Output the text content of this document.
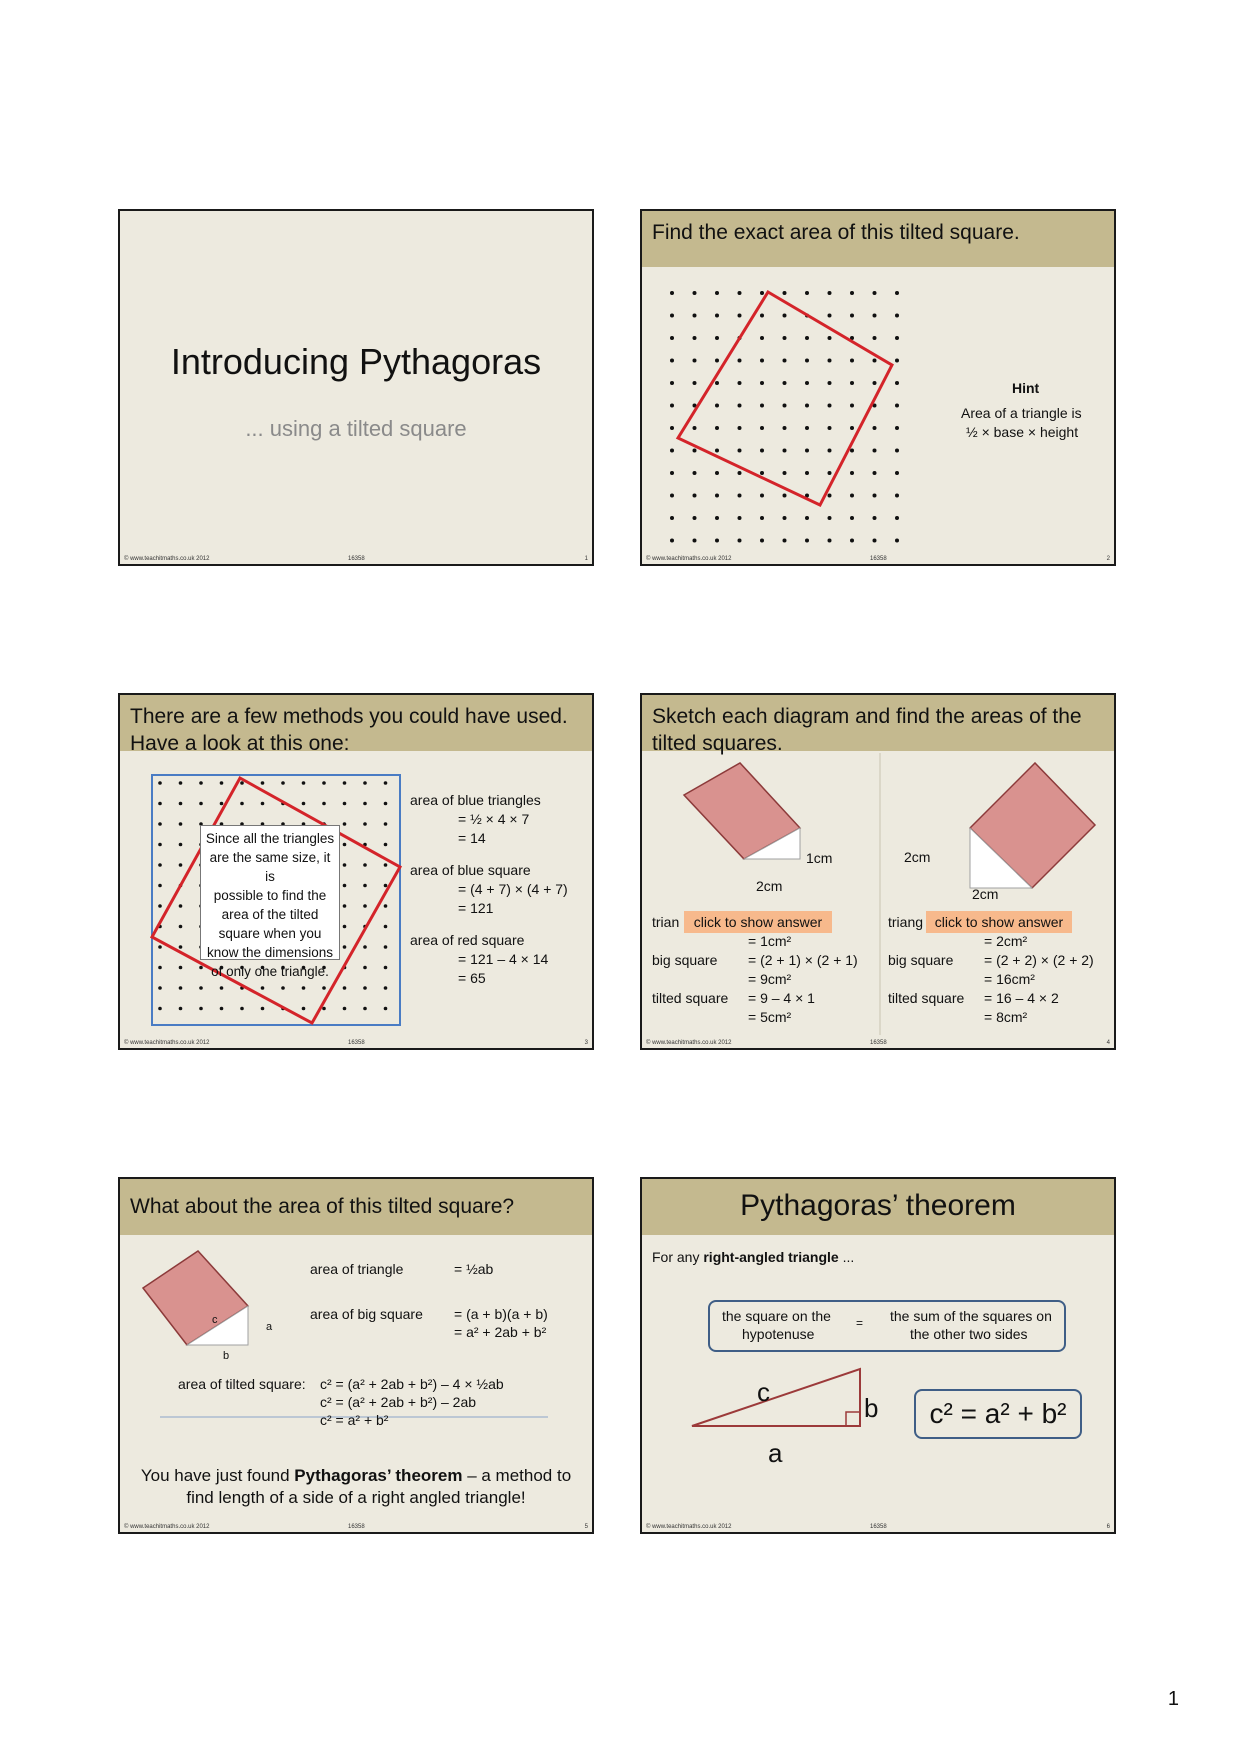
Introducing Pythagoras
... using a tilted square
© www.teachitmaths.co.uk 2012	16358	1
Find the exact area of this tilted square.
Hint
Area of a triangle is
½ × base × height
© www.teachitmaths.co.uk 2012	16358	2
There are a few methods you could have used.
Have a look at this one:
Since all the triangles
are the same size, it is
possible to find the
area of the tilted
square when you
know the dimensions
of only one triangle.
area of blue triangles
= ½ × 4 × 7
= 14
area of blue square
= (4 + 7) × (4 + 7)
= 121
area of red square
= 121 – 4 × 14
= 65
© www.teachitmaths.co.uk 2012	16358	3
Sketch each diagram and find the areas of the
tilted squares.
1cm
2cm
2cm
2cm
trian	click to show answer
= 1cm²
big square = (2 + 1) × (2 + 1)
= 9cm²
tilted square = 9 – 4 × 1
= 5cm²
triang click to show answer
= 2cm²
big square = (2 + 2) × (2 + 2)
= 16cm²
tilted square = 16 – 4 × 2
= 8cm²
© www.teachitmaths.co.uk 2012	16358	4
What about the area of this tilted square?
c
a
b
area of triangle	= ½ab
area of big square = (a + b)(a + b)
= a² + 2ab + b²
area of tilted square: c² = (a² + 2ab + b²) – 4 × ½ab
c² = (a² + 2ab + b²) – 2ab
c² = a² + b²
You have just found Pythagoras’ theorem – a method to
find length of a side of a right angled triangle!
© www.teachitmaths.co.uk 2012	16358	5
Pythagoras’ theorem
For any right-angled triangle ...
the square on the
hypotenuse
= the sum of the squares on
the other two sides
c
b
a
c² = a² + b²
© www.teachitmaths.co.uk 2012	16358	6
1
